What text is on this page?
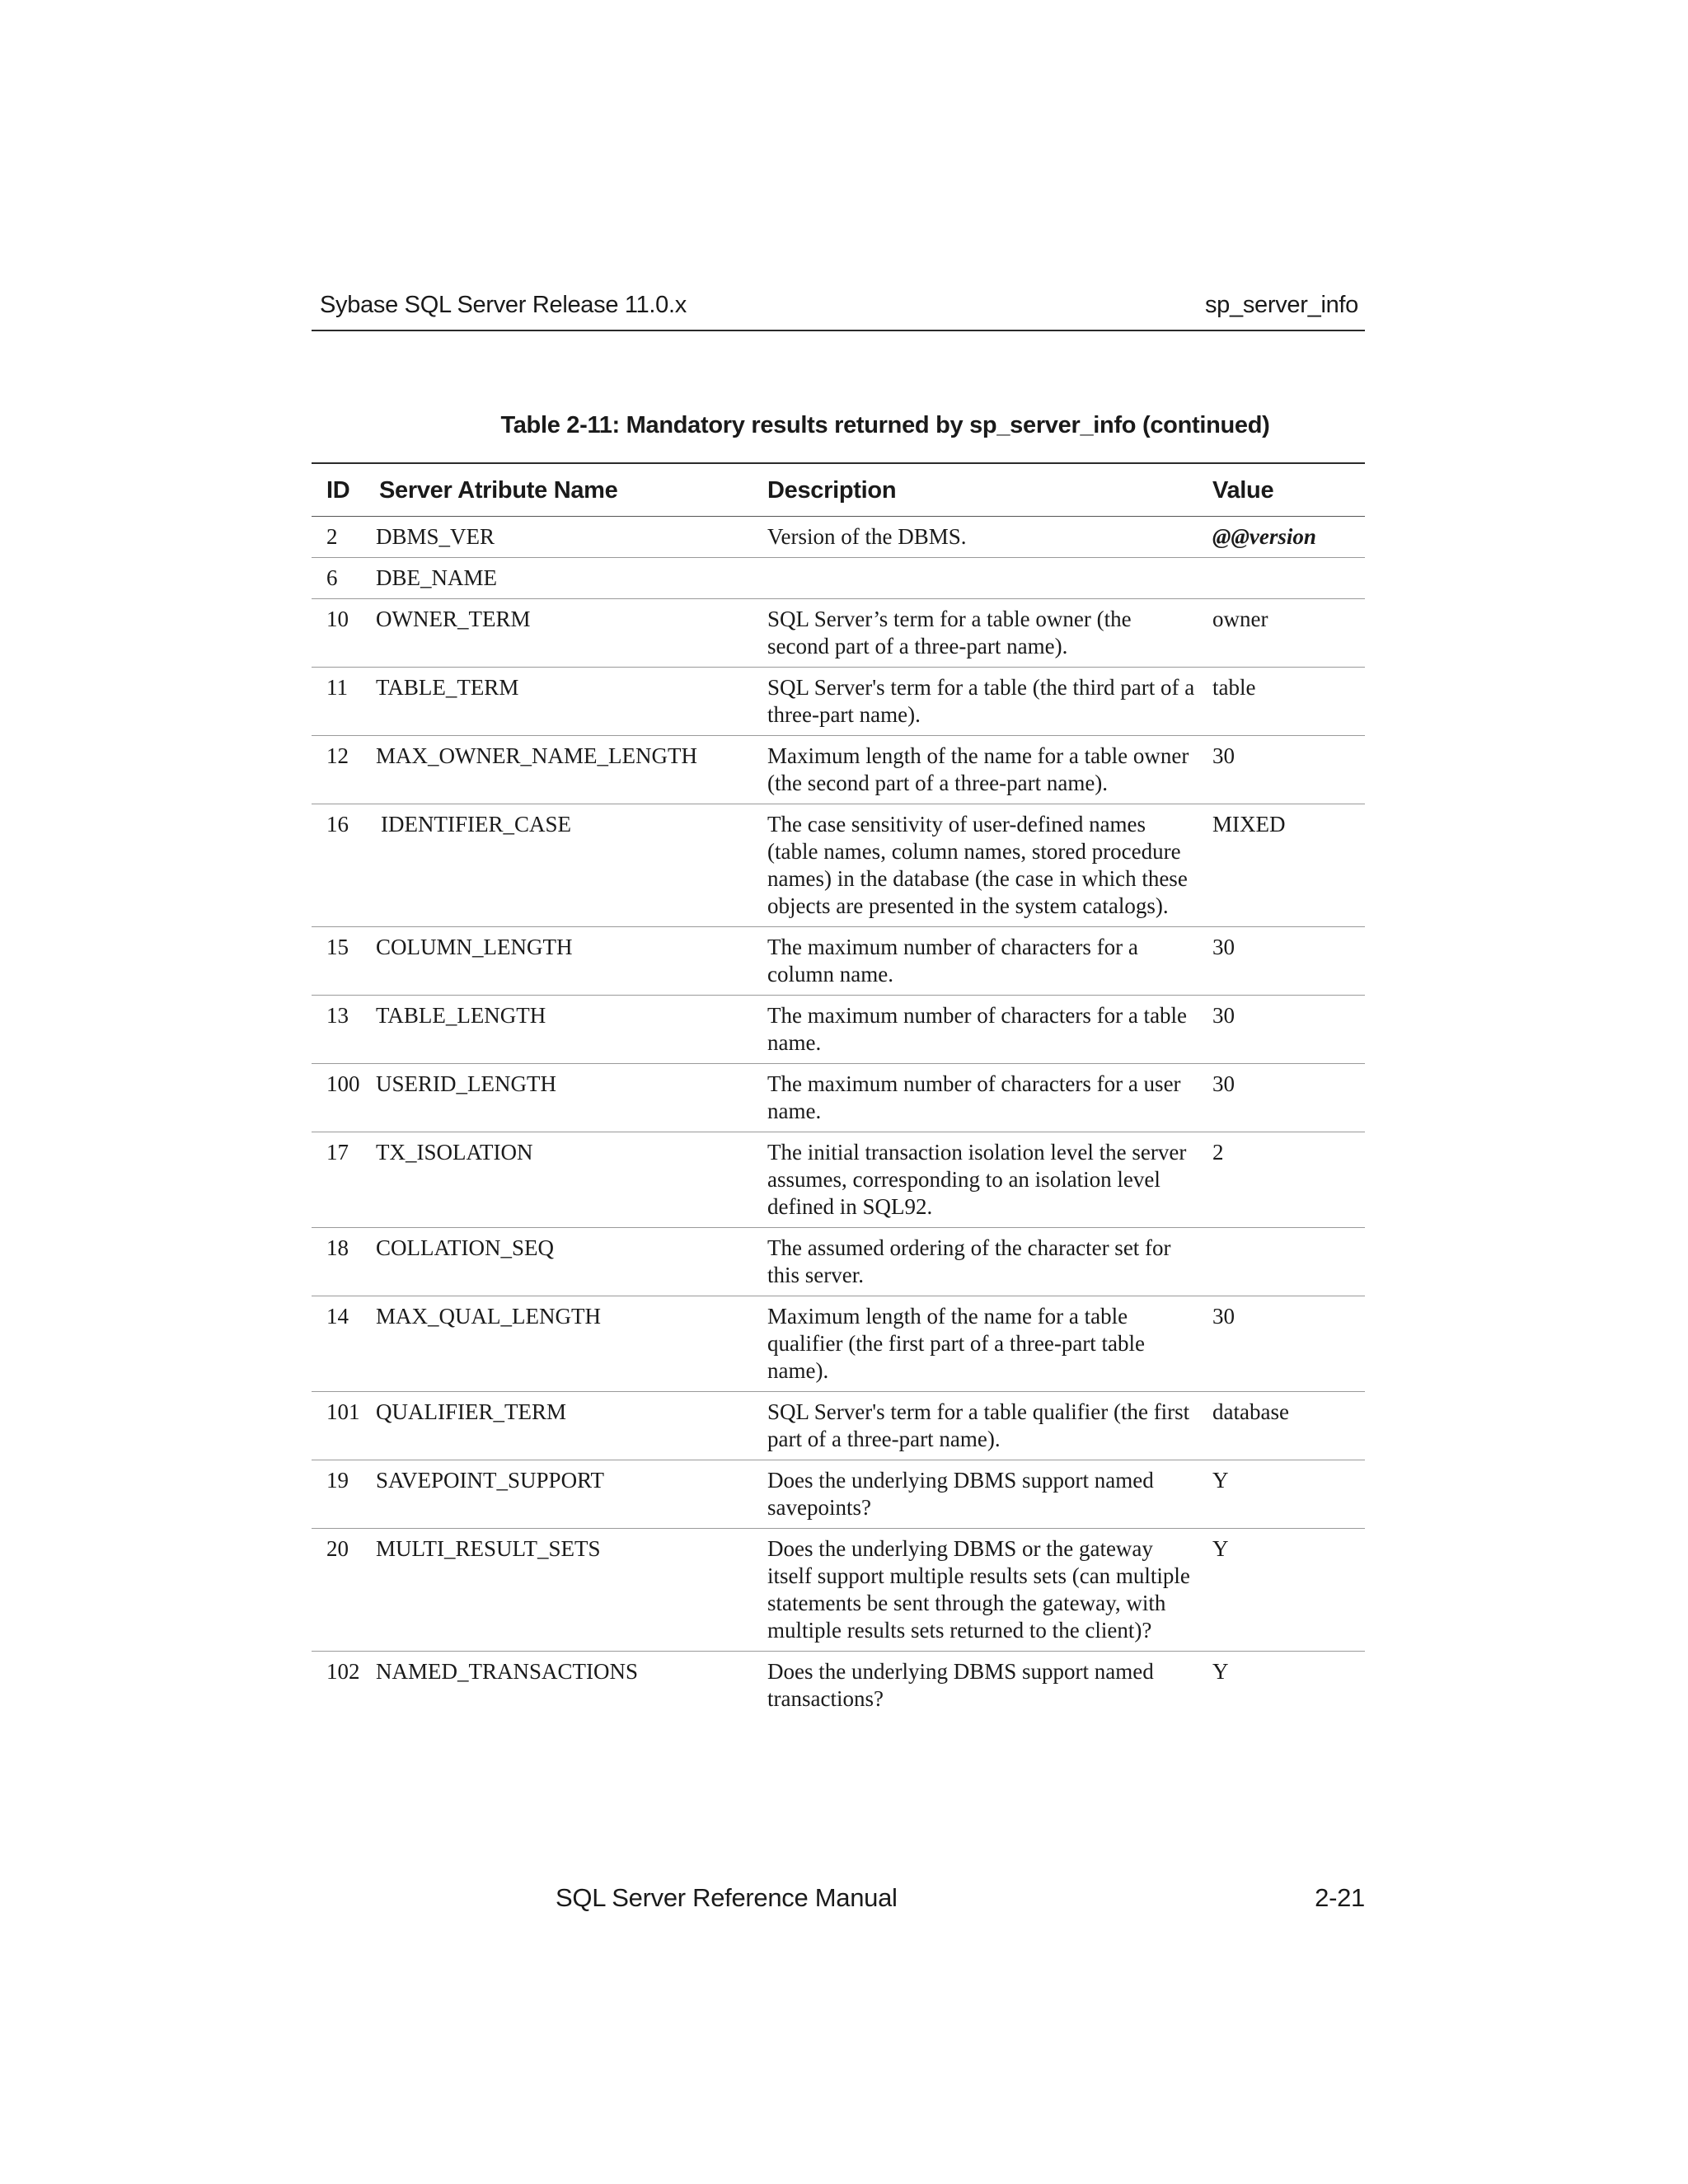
Sybase SQL Server Release 11.0.x	sp_server_info
Table 2-11: Mandatory results returned by sp_server_info (continued)
ID	Server Atribute Name	Description	Value
2	DBMS_VER	Version of the DBMS.	@@version
6	DBE_NAME		
10	OWNER_TERM	SQL Server’s term for a table owner (the second part of a three-part name).	owner
11	TABLE_TERM	SQL Server's term for a table (the third part of a three-part name).	table
12	MAX_OWNER_NAME_LENGTH	Maximum length of the name for a table owner (the second part of a three-part name).	30
16	IDENTIFIER_CASE	The case sensitivity of user-defined names (table names, column names, stored procedure names) in the database (the case in which these objects are presented in the system catalogs).	MIXED
15	COLUMN_LENGTH	The maximum number of characters for a column name.	30
13	TABLE_LENGTH	The maximum number of characters for a table name.	30
100	USERID_LENGTH	The maximum number of characters for a user name.	30
17	TX_ISOLATION	The initial transaction isolation level the server assumes, corresponding to an isolation level defined in SQL92.	2
18	COLLATION_SEQ	The assumed ordering of the character set for this server.	
14	MAX_QUAL_LENGTH	Maximum length of the name for a table qualifier (the first part of a three-part table name).	30
101	QUALIFIER_TERM	SQL Server's term for a table qualifier (the first part of a three-part name).	database
19	SAVEPOINT_SUPPORT	Does the underlying DBMS support named savepoints?	Y
20	MULTI_RESULT_SETS	Does the underlying DBMS or the gateway itself support multiple results sets (can multiple statements be sent through the gateway, with multiple results sets returned to the client)?	Y
102	NAMED_TRANSACTIONS	Does the underlying DBMS support named transactions?	Y
SQL Server Reference Manual	2-21
